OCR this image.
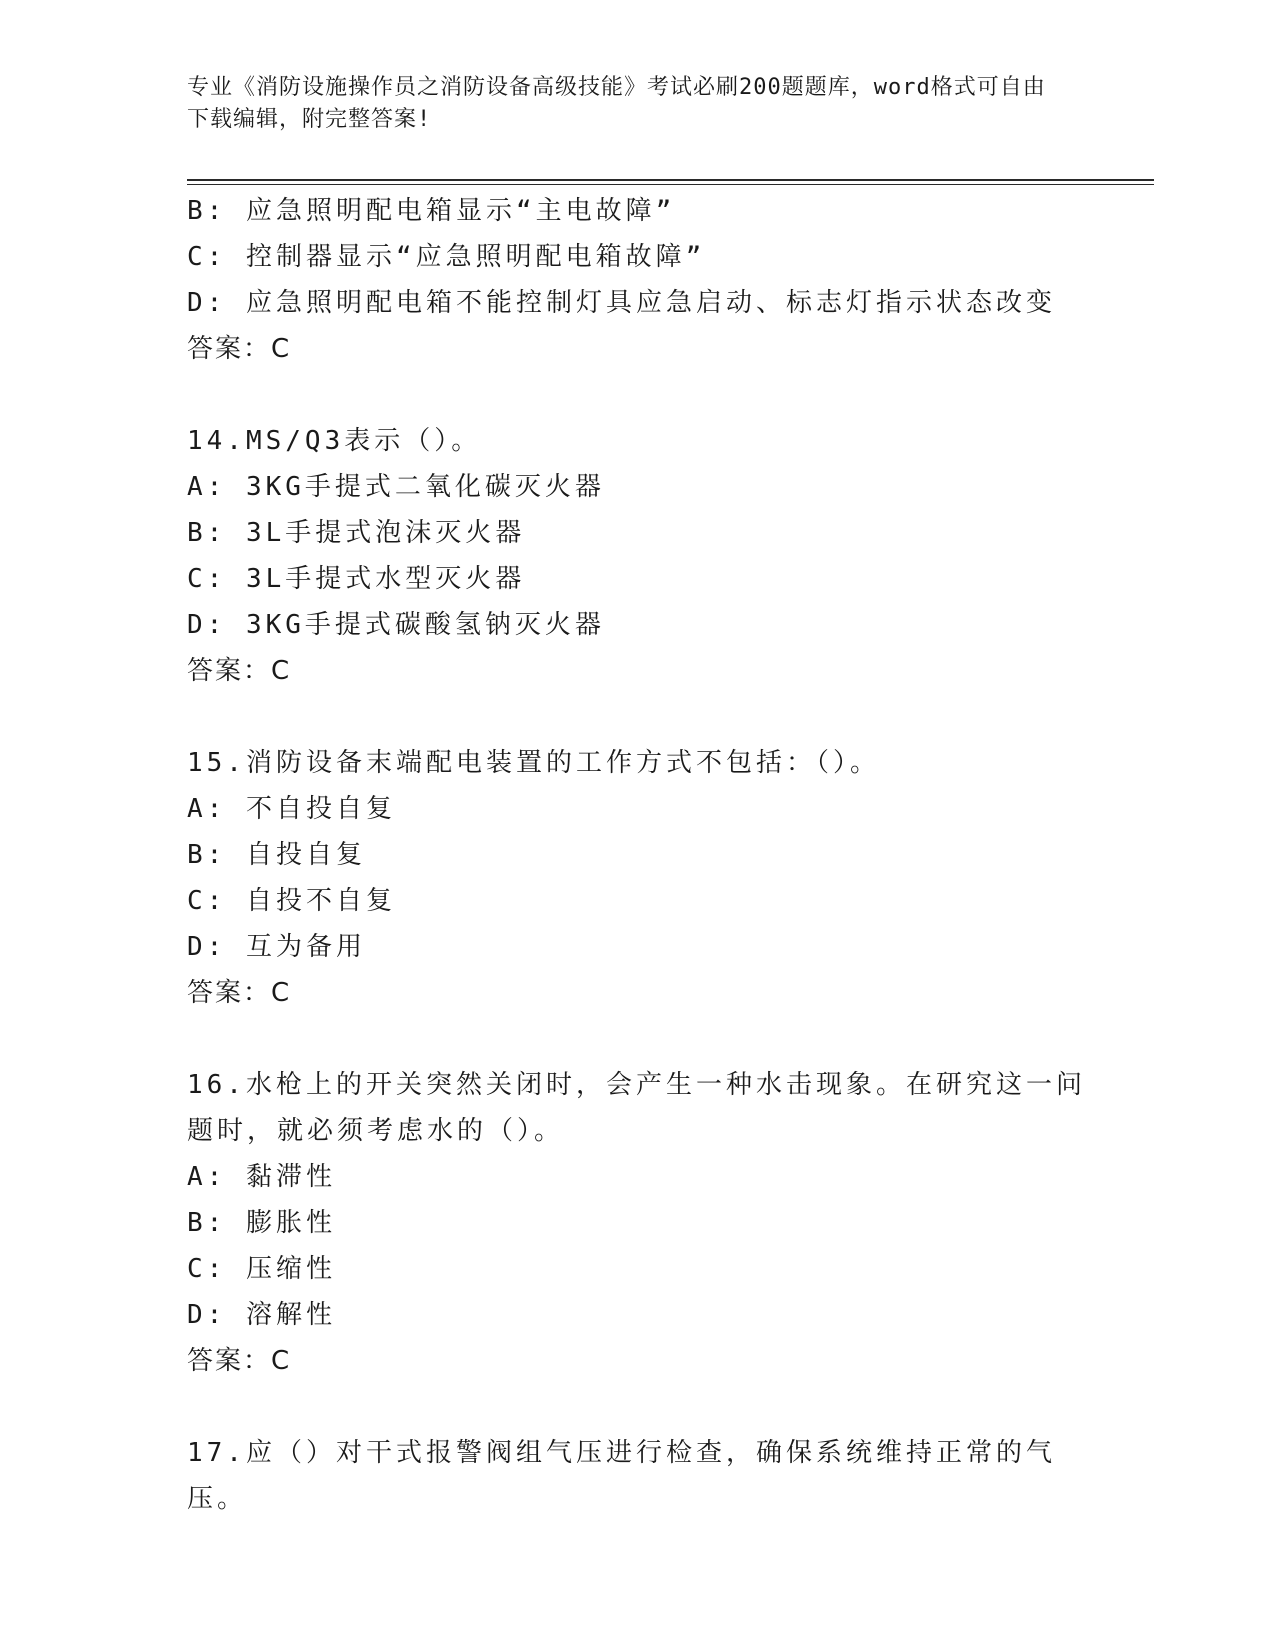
专业《消防设施操作员之消防设备高级技能》考试必刷200题题库，word格式可自由下载编辑，附完整答案!
B: 应急照明配电箱显示“主电故障”
C: 控制器显示“应急照明配电箱故障”
D: 应急照明配电箱不能控制灯具应急启动、标志灯指示状态改变
答案：C
14.MS/Q3表示（）。
A: 3KG手提式二氧化碳灭火器
B: 3L手提式泡沫灭火器
C: 3L手提式水型灭火器
D: 3KG手提式碳酸氢钠灭火器
答案：C
15.消防设备末端配电装置的工作方式不包括：（）。
A: 不自投自复
B: 自投自复
C: 自投不自复
D: 互为备用
答案：C
16.水枪上的开关突然关闭时，会产生一种水击现象。在研究这一问题时，就必须考虑水的（）。
A: 黏滞性
B: 膨胀性
C: 压缩性
D: 溶解性
答案：C
17.应（）对干式报警阀组气压进行检查，确保系统维持正常的气压。
